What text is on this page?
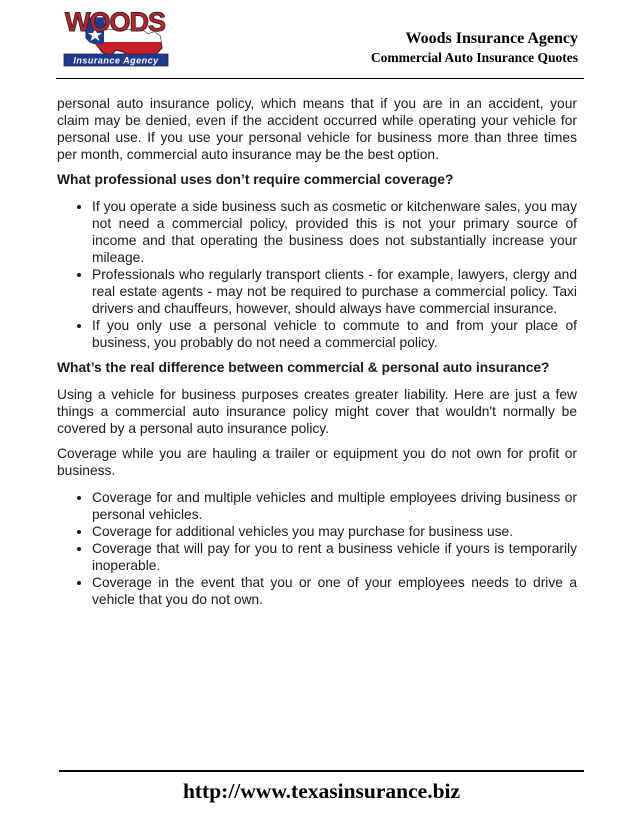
WOODS
Insurance Agency
Woods Insurance Agency
Commercial Auto Insurance Quotes

personal auto insurance policy, which means that if you are in an accident, your claim may be denied, even if the accident occurred while operating your vehicle for personal use. If you use your personal vehicle for business more than three times per month, commercial auto insurance may be the best option.

What professional uses don’t require commercial coverage?
• If you operate a side business such as cosmetic or kitchenware sales, you may not need a commercial policy, provided this is not your primary source of income and that operating the business does not substantially increase your mileage.
• Professionals who regularly transport clients - for example, lawyers, clergy and real estate agents - may not be required to purchase a commercial policy. Taxi drivers and chauffeurs, however, should always have commercial insurance.
• If you only use a personal vehicle to commute to and from your place of business, you probably do not need a commercial policy.
What’s the real difference between commercial & personal auto insurance?

Using a vehicle for business purposes creates greater liability. Here are just a few things a commercial auto insurance policy might cover that wouldn't normally be covered by a personal auto insurance policy.

Coverage while you are hauling a trailer or equipment you do not own for profit or business.

• Coverage for and multiple vehicles and multiple employees driving business or personal vehicles.
• Coverage for additional vehicles you may purchase for business use.
• Coverage that will pay for you to rent a business vehicle if yours is temporarily inoperable.
• Coverage in the event that you or one of your employees needs to drive a vehicle that you do not own.
http://www.texasinsurance.biz
